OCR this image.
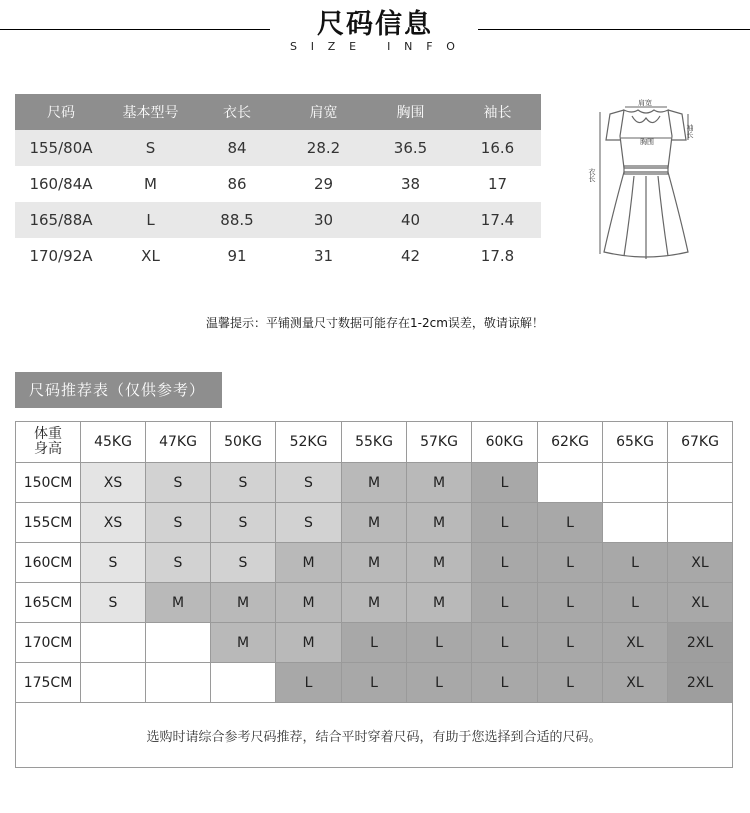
尺码信息
S I Z E
I N F O
尺码	基本型号	衣长	肩宽	胸围	袖长
155/80A	S	84	28.2	36.5	16.6
160/84A	M	86	29	38	17
165/88A	L	88.5	30	40	17.4
170/92A	XL	91	31	42	17.8
肩宽
胸围
袖长
衣长
温馨提示：平铺测量尺寸数据可能存在1-2cm误差，敬请谅解！
尺码推荐表（仅供参考）
体重
身高	45KG	47KG	50KG	52KG	55KG	57KG	60KG	62KG	65KG	67KG
150CM	XS	S	S	S	M	M	L			
155CM	XS	S	S	S	M	M	L	L		
160CM	S	S	S	M	M	M	L	L	L	XL
165CM	S	M	M	M	M	M	L	L	L	XL
170CM			M	M	L	L	L	L	XL	2XL
175CM				L	L	L	L	L	XL	2XL
选购时请综合参考尺码推荐，结合平时穿着尺码，有助于您选择到合适的尺码。										
